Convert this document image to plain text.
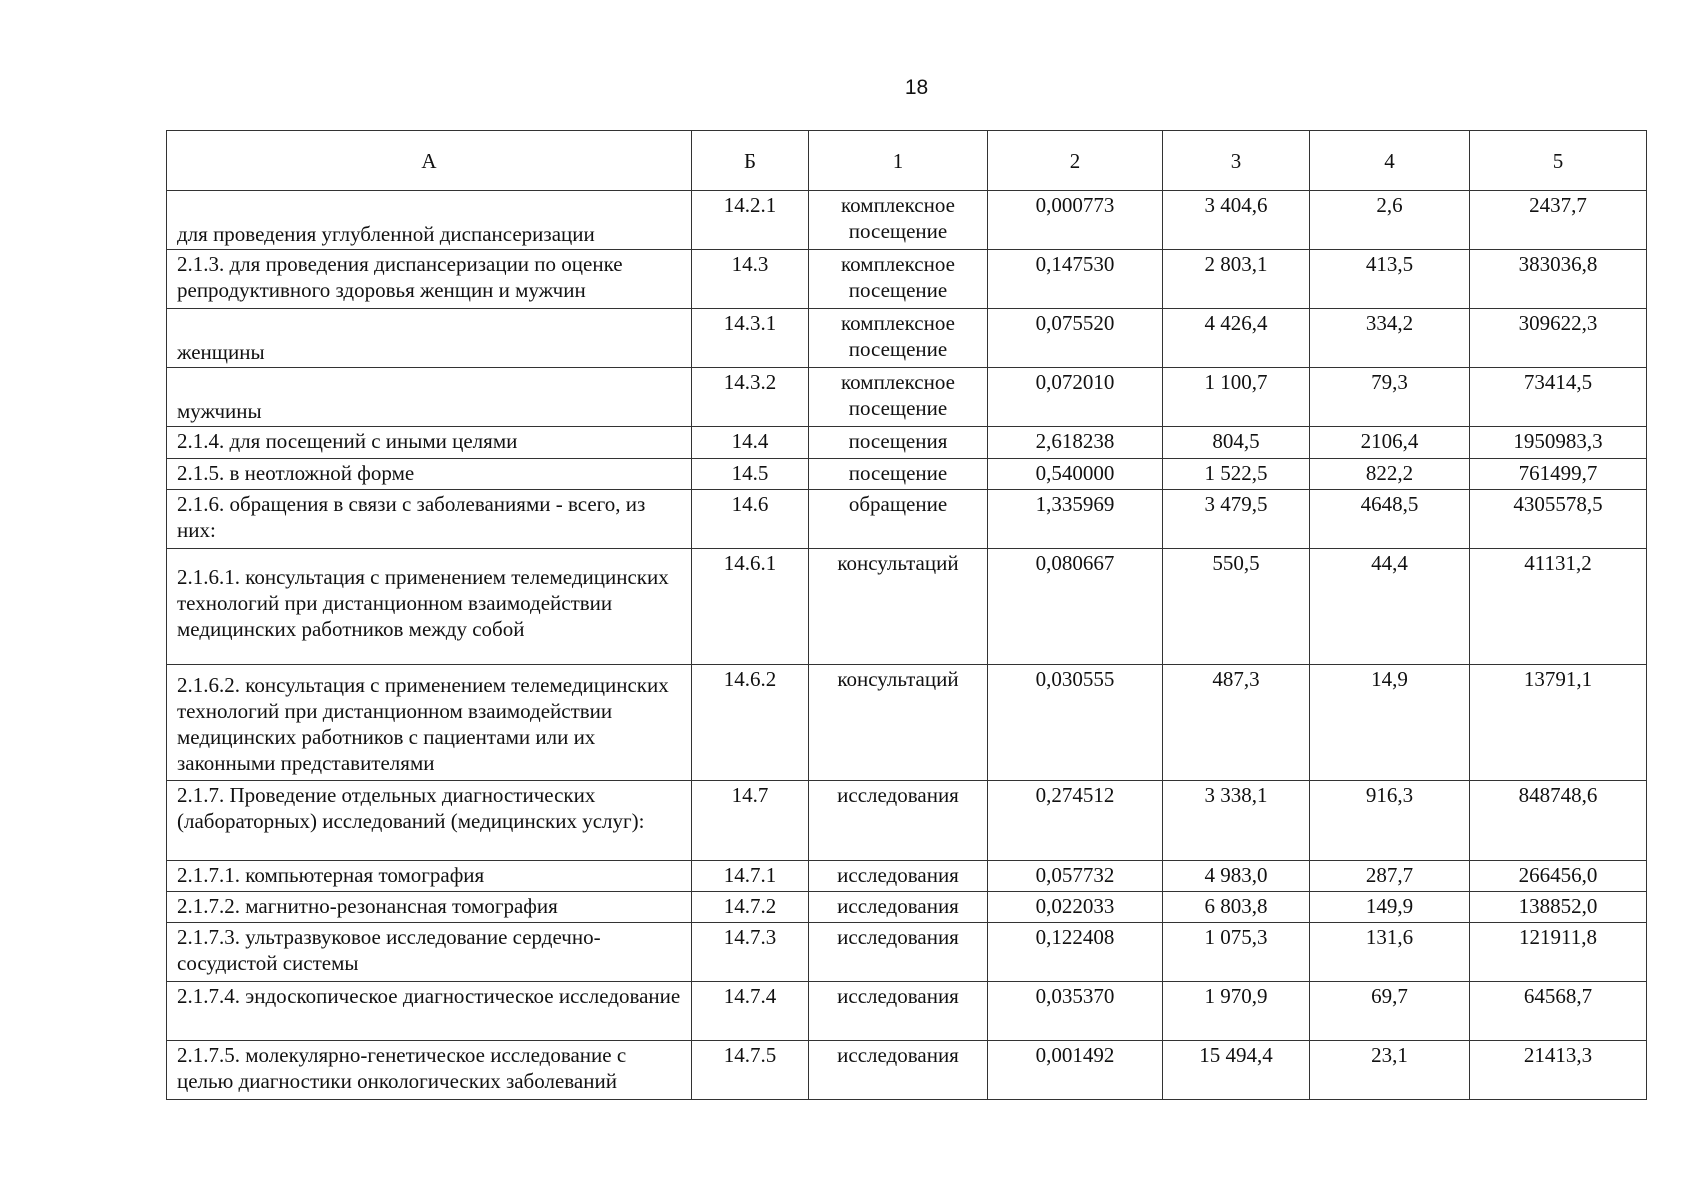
18
А	Б	1	2	3	4	5

для проведения углубленной диспансеризации	14.2.1	комплексное посещение	0,000773	3 404,6	2,6	2437,7

2.1.3. для проведения диспансеризации по оценке репродуктивного здоровья женщин и мужчин	14.3	комплексное посещение	0,147530	2 803,1	413,5	383036,8

женщины	14.3.1	комплексное посещение	0,075520	4 426,4	334,2	309622,3

мужчины	14.3.2	комплексное посещение	0,072010	1 100,7	79,3	73414,5

2.1.4. для посещений с иными целями	14.4	посещения	2,618238	804,5	2106,4	1950983,3

2.1.5. в неотложной форме	14.5	посещение	0,540000	1 522,5	822,2	761499,7

2.1.6. обращения в связи с заболеваниями - всего, из них:	14.6	обращение	1,335969	3 479,5	4648,5	4305578,5

2.1.6.1. консультация с применением телемедицинских технологий при дистанционном взаимодействии медицинских работников между собой	14.6.1	консультаций	0,080667	550,5	44,4	41131,2

2.1.6.2. консультация с применением телемедицинских технологий при дистанционном взаимодействии медицинских работников с пациентами или их законными представителями	14.6.2	консультаций	0,030555	487,3	14,9	13791,1

2.1.7. Проведение отдельных диагностических (лабораторных) исследований (медицинских услуг):	14.7	исследования	0,274512	3 338,1	916,3	848748,6

2.1.7.1. компьютерная томография	14.7.1	исследования	0,057732	4 983,0	287,7	266456,0

2.1.7.2. магнитно-резонансная томография	14.7.2	исследования	0,022033	6 803,8	149,9	138852,0

2.1.7.3. ультразвуковое исследование сердечно-сосудистой системы	14.7.3	исследования	0,122408	1 075,3	131,6	121911,8

2.1.7.4. эндоскопическое диагностическое исследование	14.7.4	исследования	0,035370	1 970,9	69,7	64568,7

2.1.7.5. молекулярно-генетическое исследование с целью диагностики онкологических заболеваний	14.7.5	исследования	0,001492	15 494,4	23,1	21413,3
